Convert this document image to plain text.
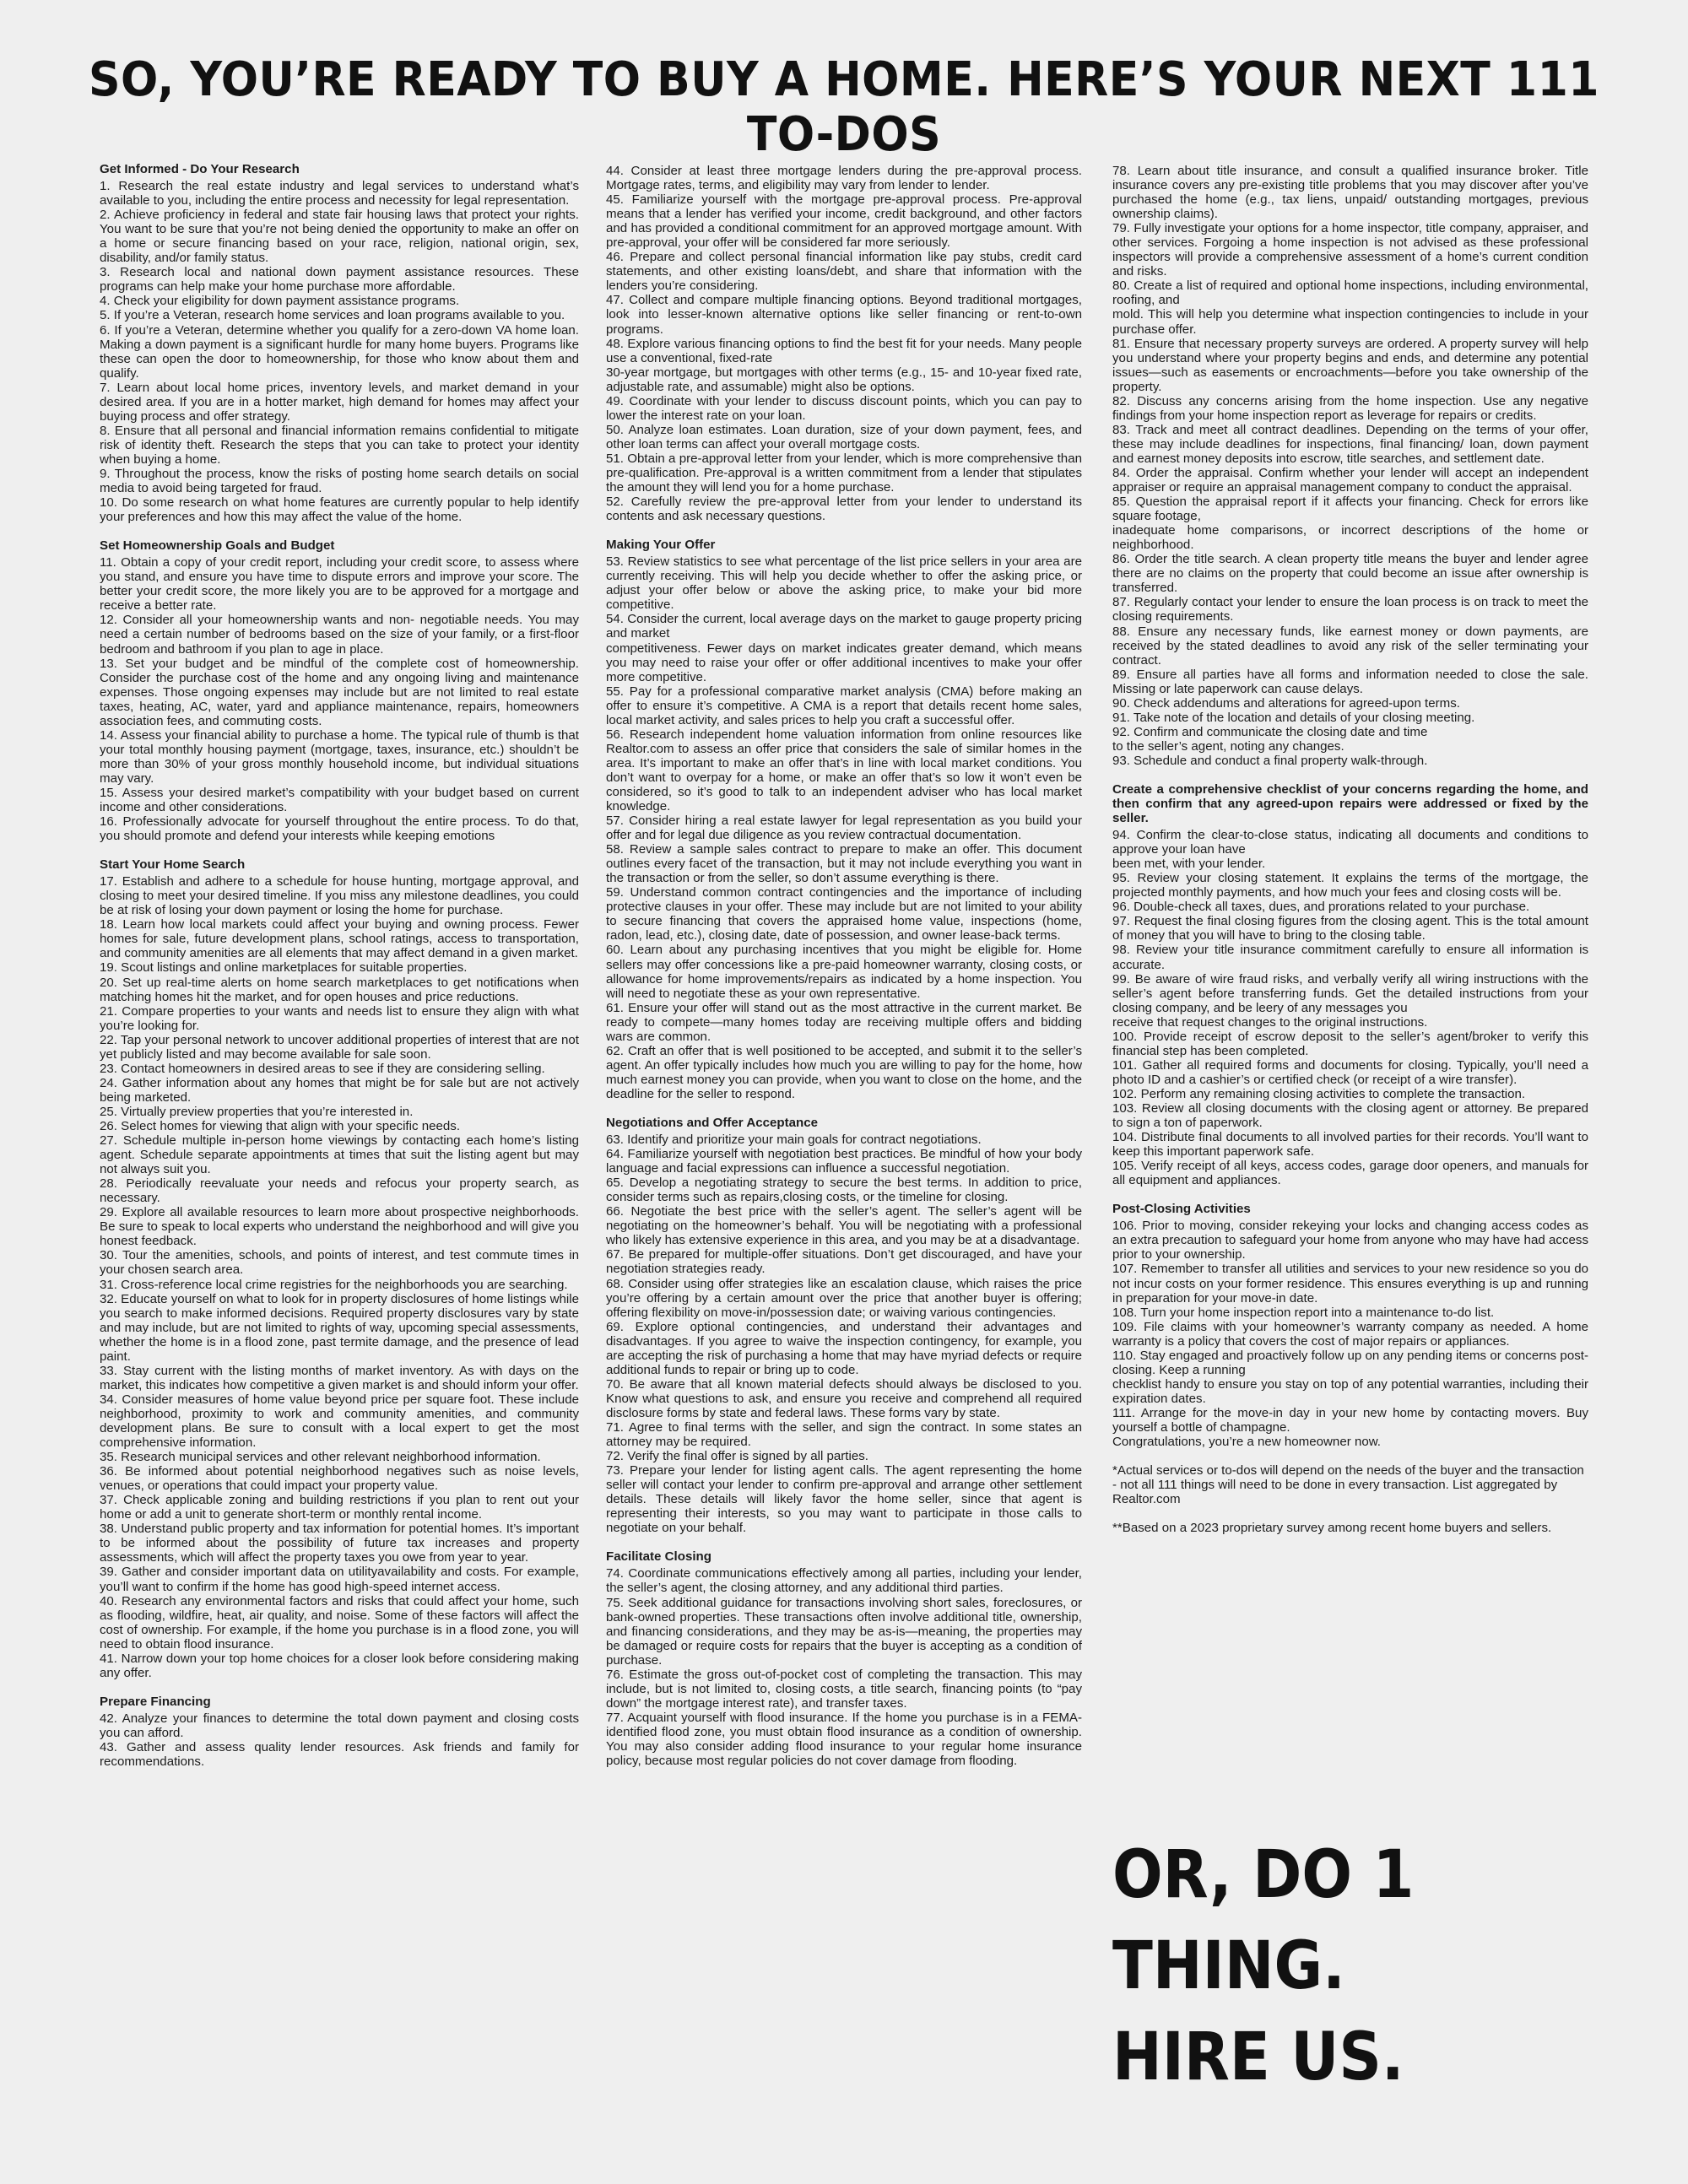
SO, YOU’RE READY TO BUY A HOME. HERE’S YOUR NEXT 111 TO-DOS
Get Informed - Do Your Research
1. Research the real estate industry and legal services to understand what’s available to you, including the entire process and necessity for legal representation.
2. Achieve proficiency in federal and state fair housing laws that protect your rights. You want to be sure that you’re not being denied the opportunity to make an offer on a home or secure financing based on your race, religion, national origin, sex, disability, and/or family status.
3. Research local and national down payment assistance resources. These programs can help make your home purchase more affordable.
4. Check your eligibility for down payment assistance programs.
5. If you’re a Veteran, research home services and loan programs available to you.
6. If you’re a Veteran, determine whether you qualify for a zero-down VA home loan. Making a down payment is a significant hurdle for many home buyers. Programs like these can open the door to homeownership, for those who know about them and qualify.
7. Learn about local home prices, inventory levels, and market demand in your desired area. If you are in a hotter market, high demand for homes may affect your buying process and offer strategy.
8. Ensure that all personal and financial information remains confidential to mitigate risk of identity theft. Research the steps that you can take to protect your identity when buying a home.
9. Throughout the process, know the risks of posting home search details on social media to avoid being targeted for fraud.
10. Do some research on what home features are currently popular to help identify your preferences and how this may affect the value of the home.
Set Homeownership Goals and Budget
11. Obtain a copy of your credit report, including your credit score, to assess where you stand, and ensure you have time to dispute errors and improve your score. The better your credit score, the more likely you are to be approved for a mortgage and receive a better rate.
12. Consider all your homeownership wants and non- negotiable needs. You may need a certain number of bedrooms based on the size of your family, or a first-floor bedroom and bathroom if you plan to age in place.
13. Set your budget and be mindful of the complete cost of homeownership. Consider the purchase cost of the home and any ongoing living and maintenance expenses. Those ongoing expenses may include but are not limited to real estate taxes, heating, AC, water, yard and appliance maintenance, repairs, homeowners association fees, and commuting costs.
14. Assess your financial ability to purchase a home. The typical rule of thumb is that your total monthly housing payment (mortgage, taxes, insurance, etc.) shouldn’t be more than 30% of your gross monthly household income, but individual situations may vary.
15. Assess your desired market’s compatibility with your budget based on current income and other considerations.
16. Professionally advocate for yourself throughout the entire process. To do that, you should promote and defend your interests while keeping emotions
Start Your Home Search
17. Establish and adhere to a schedule for house hunting, mortgage approval, and closing to meet your desired timeline. If you miss any milestone deadlines, you could be at risk of losing your down payment or losing the home for purchase.
18. Learn how local markets could affect your buying and owning process. Fewer homes for sale, future development plans, school ratings, access to transportation, and community amenities are all elements that may affect demand in a given market.
19. Scout listings and online marketplaces for suitable properties.
20. Set up real-time alerts on home search marketplaces to get notifications when matching homes hit the market, and for open houses and price reductions.
21. Compare properties to your wants and needs list to ensure they align with what you’re looking for.
22. Tap your personal network to uncover additional properties of interest that are not yet publicly listed and may become available for sale soon.
23. Contact homeowners in desired areas to see if they are considering selling.
24. Gather information about any homes that might be for sale but are not actively being marketed.
25. Virtually preview properties that you’re interested in.
26. Select homes for viewing that align with your specific needs.
27. Schedule multiple in-person home viewings by contacting each home’s listing agent. Schedule separate appointments at times that suit the listing agent but may not always suit you.
28. Periodically reevaluate your needs and refocus your property search, as necessary.
29. Explore all available resources to learn more about prospective neighborhoods. Be sure to speak to local experts who understand the neighborhood and will give you honest feedback.
30. Tour the amenities, schools, and points of interest, and test commute times in your chosen search area.
31. Cross-reference local crime registries for the neighborhoods you are searching.
32. Educate yourself on what to look for in property disclosures of home listings while you search to make informed decisions. Required property disclosures vary by state and may include, but are not limited to rights of way, upcoming special assessments, whether the home is in a flood zone, past termite damage, and the presence of lead paint.
33. Stay current with the listing months of market inventory. As with days on the market, this indicates how competitive a given market is and should inform your offer.
34. Consider measures of home value beyond price per square foot. These include neighborhood, proximity to work and community amenities, and community development plans. Be sure to consult with a local expert to get the most comprehensive information.
35. Research municipal services and other relevant neighborhood information.
36. Be informed about potential neighborhood negatives such as noise levels, venues, or operations that could impact your property value.
37. Check applicable zoning and building restrictions if you plan to rent out your home or add a unit to generate short-term or monthly rental income.
38. Understand public property and tax information for potential homes. It’s important to be informed about the possibility of future tax increases and property assessments, which will affect the property taxes you owe from year to year.
39. Gather and consider important data on utilityavailability and costs. For example, you’ll want to confirm if the home has good high-speed internet access.
40. Research any environmental factors and risks that could affect your home, such as flooding, wildfire, heat, air quality, and noise. Some of these factors will affect the cost of ownership. For example, if the home you purchase is in a flood zone, you will need to obtain flood insurance.
41. Narrow down your top home choices for a closer look before considering making any offer.
Prepare Financing
42. Analyze your finances to determine the total down payment and closing costs you can afford.
43. Gather and assess quality lender resources. Ask friends and family for recommendations.
44. Consider at least three mortgage lenders during the pre-approval process. Mortgage rates, terms, and eligibility may vary from lender to lender.
45. Familiarize yourself with the mortgage pre-approval process. Pre-approval means that a lender has verified your income, credit background, and other factors and has provided a conditional commitment for an approved mortgage amount. With pre-approval, your offer will be considered far more seriously.
46. Prepare and collect personal financial information like pay stubs, credit card statements, and other existing loans/debt, and share that information with the lenders you’re considering.
47. Collect and compare multiple financing options. Beyond traditional mortgages, look into lesser-known alternative options like seller financing or rent-to-own programs.
48. Explore various financing options to find the best fit for your needs. Many people use a conventional, fixed-rate
30-year mortgage, but mortgages with other terms (e.g., 15- and 10-year fixed rate, adjustable rate, and assumable) might also be options.
49. Coordinate with your lender to discuss discount points, which you can pay to lower the interest rate on your loan.
50. Analyze loan estimates. Loan duration, size of your down payment, fees, and other loan terms can affect your overall mortgage costs.
51. Obtain a pre-approval letter from your lender, which is more comprehensive than pre-qualification. Pre-approval is a written commitment from a lender that stipulates the amount they will lend you for a home purchase.
52. Carefully review the pre-approval letter from your lender to understand its contents and ask necessary questions.
Making Your Offer
53. Review statistics to see what percentage of the list price sellers in your area are currently receiving. This will help you decide whether to offer the asking price, or adjust your offer below or above the asking price, to make your bid more competitive.
54. Consider the current, local average days on the market to gauge property pricing and market
competitiveness. Fewer days on market indicates greater demand, which means you may need to raise your offer or offer additional incentives to make your offer more competitive.
55. Pay for a professional comparative market analysis (CMA) before making an offer to ensure it’s competitive. A CMA is a report that details recent home sales, local market activity, and sales prices to help you craft a successful offer.
56. Research independent home valuation information from online resources like Realtor.com to assess an offer price that considers the sale of similar homes in the area. It’s important to make an offer that’s in line with local market conditions. You don’t want to overpay for a home, or make an offer that’s so low it won’t even be considered, so it’s good to talk to an independent adviser who has local market knowledge.
57. Consider hiring a real estate lawyer for legal representation as you build your offer and for legal due diligence as you review contractual documentation.
58. Review a sample sales contract to prepare to make an offer. This document outlines every facet of the transaction, but it may not include everything you want in the transaction or from the seller, so don’t assume everything is there.
59. Understand common contract contingencies and the importance of including protective clauses in your offer. These may include but are not limited to your ability to secure financing that covers the appraised home value, inspections (home, radon, lead, etc.), closing date, date of possession, and owner lease-back terms.
60. Learn about any purchasing incentives that you might be eligible for. Home sellers may offer concessions like a pre-paid homeowner warranty, closing costs, or allowance for home improvements/repairs as indicated by a home inspection. You will need to negotiate these as your own representative.
61. Ensure your offer will stand out as the most attractive in the current market. Be ready to compete—many homes today are receiving multiple offers and bidding wars are common.
62. Craft an offer that is well positioned to be accepted, and submit it to the seller’s agent. An offer typically includes how much you are willing to pay for the home, how much earnest money you can provide, when you want to close on the home, and the deadline for the seller to respond.
Negotiations and Offer Acceptance
63. Identify and prioritize your main goals for contract negotiations.
64. Familiarize yourself with negotiation best practices. Be mindful of how your body language and facial expressions can influence a successful negotiation.
65. Develop a negotiating strategy to secure the best terms. In addition to price, consider terms such as repairs,closing costs, or the timeline for closing.
66. Negotiate the best price with the seller’s agent. The seller’s agent will be negotiating on the homeowner’s behalf. You will be negotiating with a professional who likely has extensive experience in this area, and you may be at a disadvantage.
67. Be prepared for multiple-offer situations. Don’t get discouraged, and have your negotiation strategies ready.
68. Consider using offer strategies like an escalation clause, which raises the price you’re offering by a certain amount over the price that another buyer is offering; offering flexibility on move-in/possession date; or waiving various contingencies.
69. Explore optional contingencies, and understand their advantages and disadvantages. If you agree to waive the inspection contingency, for example, you are accepting the risk of purchasing a home that may have myriad defects or require additional funds to repair or bring up to code.
70. Be aware that all known material defects should always be disclosed to you. Know what questions to ask, and ensure you receive and comprehend all required disclosure forms by state and federal laws. These forms vary by state.
71. Agree to final terms with the seller, and sign the contract. In some states an attorney may be required.
72. Verify the final offer is signed by all parties.
73. Prepare your lender for listing agent calls. The agent representing the home seller will contact your lender to confirm pre-approval and arrange other settlement details. These details will likely favor the home seller, since that agent is representing their interests, so you may want to participate in those calls to negotiate on your behalf.
Facilitate Closing
74. Coordinate communications effectively among all parties, including your lender, the seller’s agent, the closing attorney, and any additional third parties.
75. Seek additional guidance for transactions involving short sales, foreclosures, or bank-owned properties. These transactions often involve additional title, ownership, and financing considerations, and they may be as-is—meaning, the properties may be damaged or require costs for repairs that the buyer is accepting as a condition of purchase.
76. Estimate the gross out-of-pocket cost of completing the transaction. This may include, but is not limited to, closing costs, a title search, financing points (to “pay down” the mortgage interest rate), and transfer taxes.
77. Acquaint yourself with flood insurance. If the home you purchase is in a FEMA-identified flood zone, you must obtain flood insurance as a condition of ownership. You may also consider adding flood insurance to your regular home insurance policy, because most regular policies do not cover damage from flooding.
78. Learn about title insurance, and consult a qualified insurance broker. Title insurance covers any pre-existing title problems that you may discover after you’ve purchased the home (e.g., tax liens, unpaid/ outstanding mortgages, previous ownership claims).
79. Fully investigate your options for a home inspector, title company, appraiser, and other services. Forgoing a home inspection is not advised as these professional inspectors will provide a comprehensive assessment of a home’s current condition and risks.
80. Create a list of required and optional home inspections, including environmental, roofing, and
mold. This will help you determine what inspection contingencies to include in your purchase offer.
81. Ensure that necessary property surveys are ordered. A property survey will help you understand where your property begins and ends, and determine any potential issues—such as easements or encroachments—before you take ownership of the property.
82. Discuss any concerns arising from the home inspection. Use any negative findings from your home inspection report as leverage for repairs or credits.
83. Track and meet all contract deadlines. Depending on the terms of your offer, these may include deadlines for inspections, final financing/ loan, down payment and earnest money deposits into escrow, title searches, and settlement date.
84. Order the appraisal. Confirm whether your lender will accept an independent appraiser or require an appraisal management company to conduct the appraisal.
85. Question the appraisal report if it affects your financing. Check for errors like square footage,
inadequate home comparisons, or incorrect descriptions of the home or neighborhood.
86. Order the title search. A clean property title means the buyer and lender agree there are no claims on the property that could become an issue after ownership is transferred.
87. Regularly contact your lender to ensure the loan process is on track to meet the closing requirements.
88. Ensure any necessary funds, like earnest money or down payments, are received by the stated deadlines to avoid any risk of the seller terminating your contract.
89. Ensure all parties have all forms and information needed to close the sale. Missing or late paperwork can cause delays.
90. Check addendums and alterations for agreed-upon terms.
91. Take note of the location and details of your closing meeting.
92. Confirm and communicate the closing date and time
to the seller’s agent, noting any changes.
93. Schedule and conduct a final property walk-through.
Create a comprehensive checklist of your concerns regarding the home, and then confirm that any agreed-upon repairs were addressed or fixed by the seller.
94. Confirm the clear-to-close status, indicating all documents and conditions to approve your loan have
been met, with your lender.
95. Review your closing statement. It explains the terms of the mortgage, the projected monthly payments, and how much your fees and closing costs will be.
96. Double-check all taxes, dues, and prorations related to your purchase.
97. Request the final closing figures from the closing agent. This is the total amount of money that you will have to bring to the closing table.
98. Review your title insurance commitment carefully to ensure all information is accurate.
99. Be aware of wire fraud risks, and verbally verify all wiring instructions with the seller’s agent before transferring funds. Get the detailed instructions from your closing company, and be leery of any messages you
receive that request changes to the original instructions.
100. Provide receipt of escrow deposit to the seller’s agent/broker to verify this financial step has been completed.
101. Gather all required forms and documents for closing. Typically, you’ll need a photo ID and a cashier’s or certified check (or receipt of a wire transfer).
102. Perform any remaining closing activities to complete the transaction.
103. Review all closing documents with the closing agent or attorney. Be prepared to sign a ton of paperwork.
104. Distribute final documents to all involved parties for their records. You’ll want to keep this important paperwork safe.
105. Verify receipt of all keys, access codes, garage door openers, and manuals for all equipment and appliances.
Post-Closing Activities
106. Prior to moving, consider rekeying your locks and changing access codes as an extra precaution to safeguard your home from anyone who may have had access prior to your ownership.
107. Remember to transfer all utilities and services to your new residence so you do not incur costs on your former residence. This ensures everything is up and running in preparation for your move-in date.
108. Turn your home inspection report into a maintenance to-do list.
109. File claims with your homeowner’s warranty company as needed. A home warranty is a policy that covers the cost of major repairs or appliances.
110. Stay engaged and proactively follow up on any pending items or concerns post-closing. Keep a running
checklist handy to ensure you stay on top of any potential warranties, including their expiration dates.
111. Arrange for the move-in day in your new home by contacting movers. Buy yourself a bottle of champagne.
Congratulations, you’re a new homeowner now.
*Actual services or to-dos will depend on the needs of the buyer and the transaction - not all 111 things will need to be done in every transaction. List aggregated by Realtor.com
**Based on a 2023 proprietary survey among recent home buyers and sellers.
OR, DO 1 THING.
HIRE US.
